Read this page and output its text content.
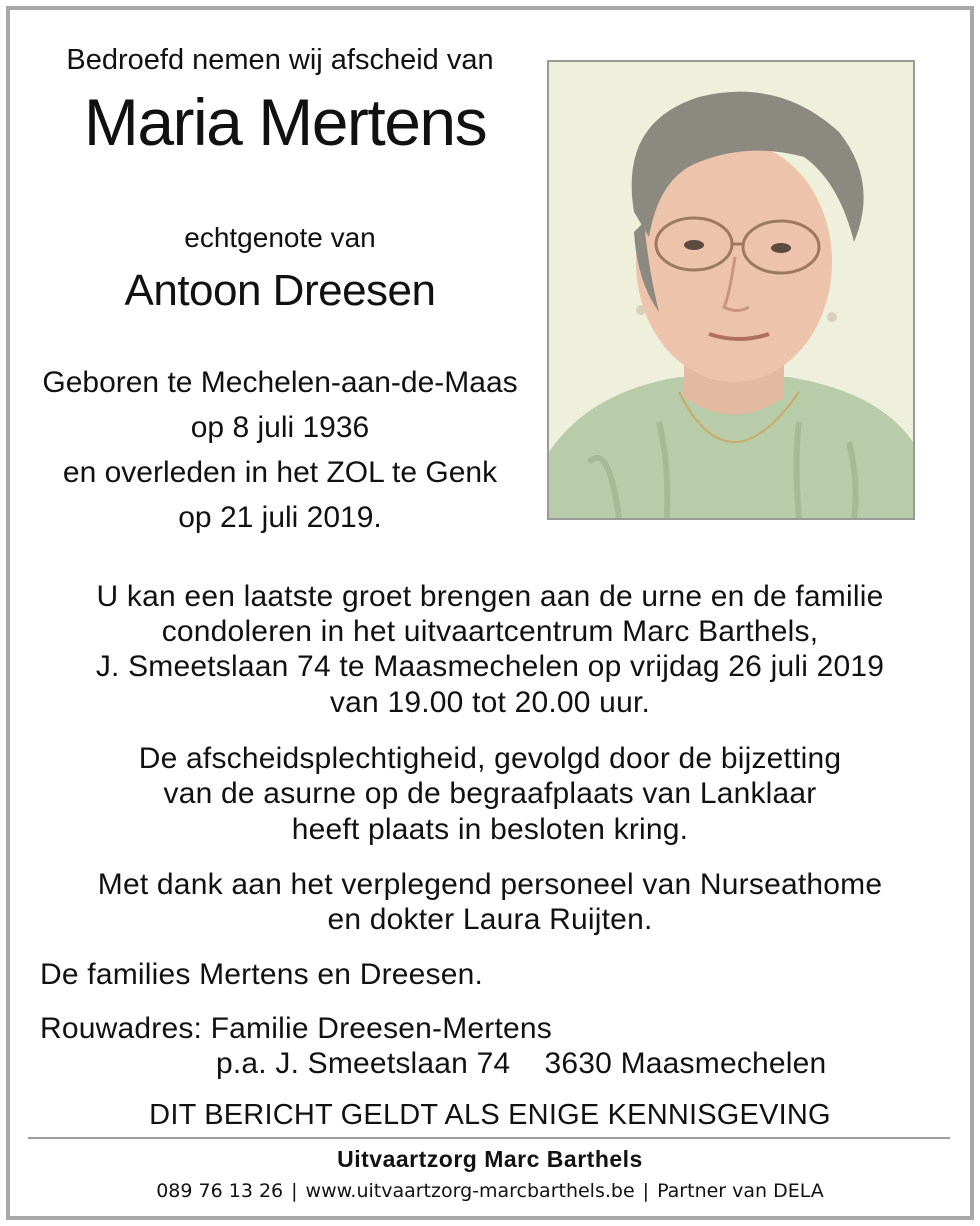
Bedroefd nemen wij afscheid van
Maria Mertens
echtgenote van
Antoon Dreesen
Geboren te Mechelen-aan-de-Maas
op 8 juli 1936
en overleden in het ZOL te Genk
op 21 juli 2019.
U kan een laatste groet brengen aan de urne en de familie
condoleren in het uitvaartcentrum Marc Barthels,
J. Smeetslaan 74 te Maasmechelen op vrijdag 26 juli 2019
van 19.00 tot 20.00 uur.
De afscheidsplechtigheid, gevolgd door de bijzetting
van de asurne op de begraafplaats van Lanklaar
heeft plaats in besloten kring.
Met dank aan het verplegend personeel van Nurseathome
en dokter Laura Ruijten.
De families Mertens en Dreesen.
Rouwadres: Familie Dreesen-Mertens
p.a. J. Smeetslaan 74 3630 Maasmechelen
DIT BERICHT GELDT ALS ENIGE KENNISGEVING
Uitvaartzorg Marc Barthels
089 76 13 26 | www.uitvaartzorg-marcbarthels.be | Partner van DELA
